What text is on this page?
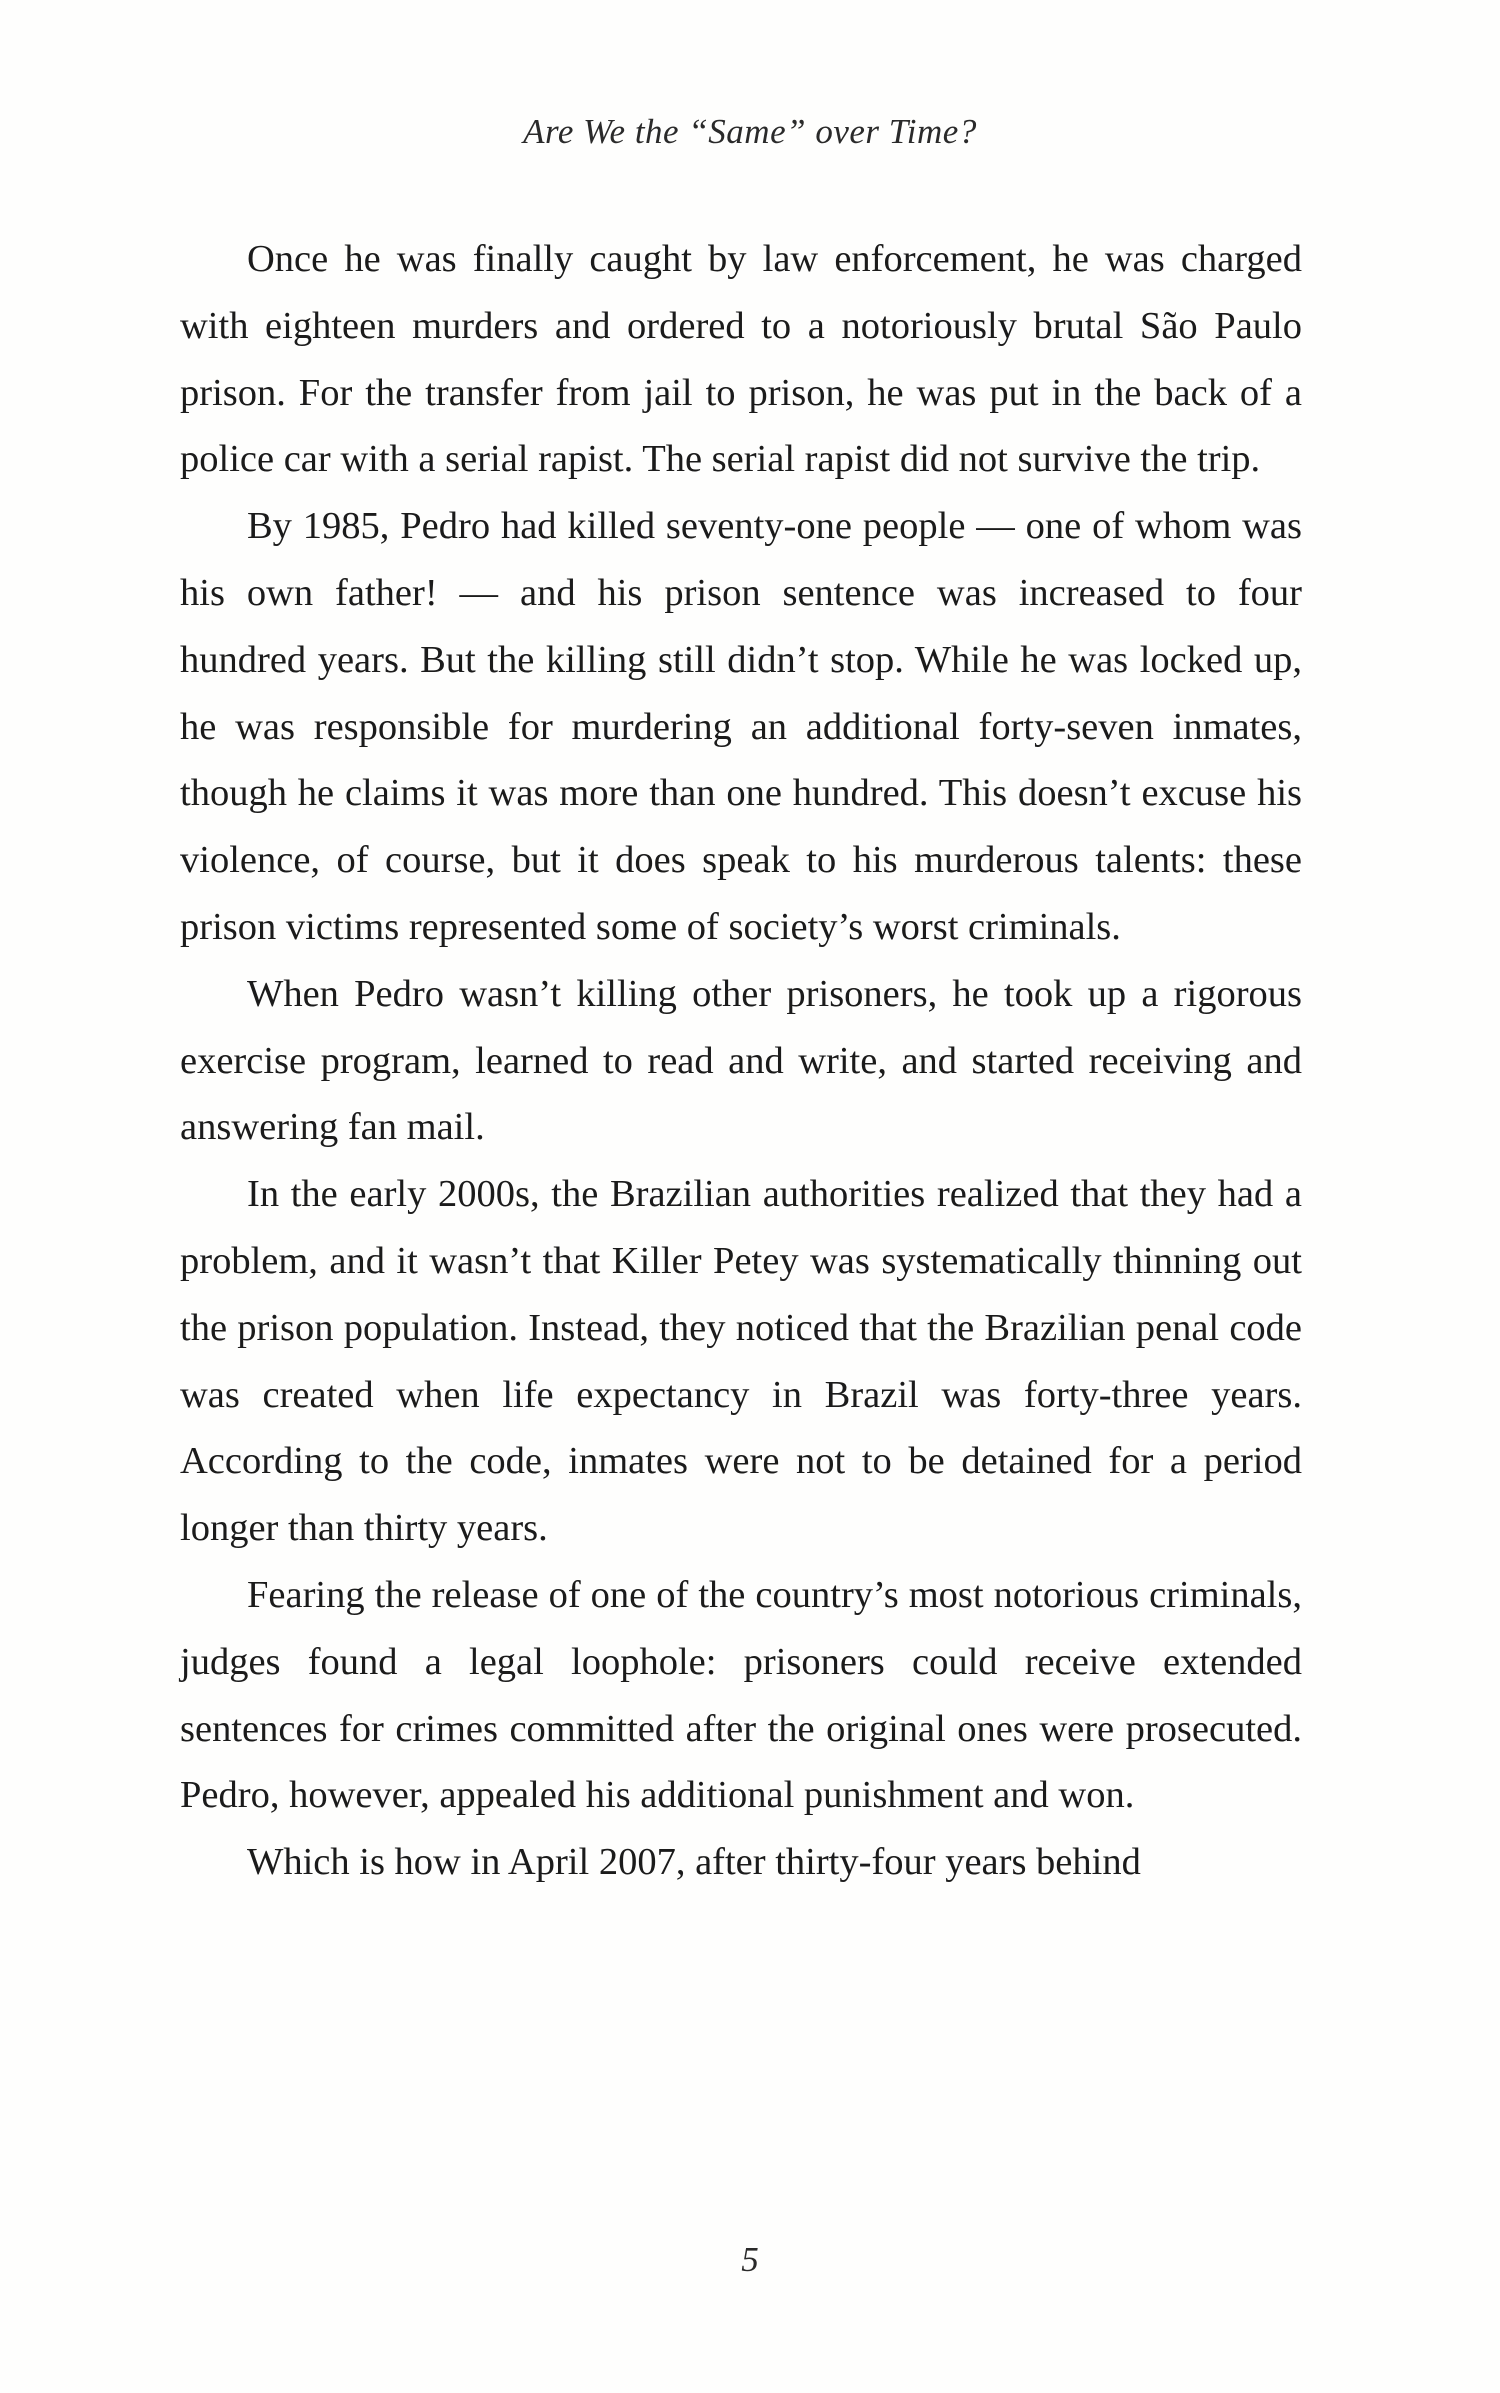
Are We the “Same” over Time?

Once he was finally caught by law enforcement, he was charged with eighteen murders and ordered to a notoriously brutal São Paulo prison. For the transfer from jail to prison, he was put in the back of a police car with a serial rapist. The serial rapist did not survive the trip.

By 1985, Pedro had killed seventy-one people — one of whom was his own father! — and his prison sentence was increased to four hundred years. But the killing still didn’t stop. While he was locked up, he was responsible for murdering an additional forty-seven inmates, though he claims it was more than one hundred. This doesn’t excuse his violence, of course, but it does speak to his murderous talents: these prison victims represented some of society’s worst criminals.

When Pedro wasn’t killing other prisoners, he took up a rigorous exercise program, learned to read and write, and started receiving and answering fan mail.

In the early 2000s, the Brazilian authorities realized that they had a problem, and it wasn’t that Killer Petey was systematically thinning out the prison population. Instead, they noticed that the Brazilian penal code was created when life expectancy in Brazil was forty-three years. According to the code, inmates were not to be detained for a period longer than thirty years.

Fearing the release of one of the country’s most notorious criminals, judges found a legal loophole: prisoners could receive extended sentences for crimes committed after the original ones were prosecuted. Pedro, however, appealed his additional punishment and won.

Which is how in April 2007, after thirty-four years behind

5
